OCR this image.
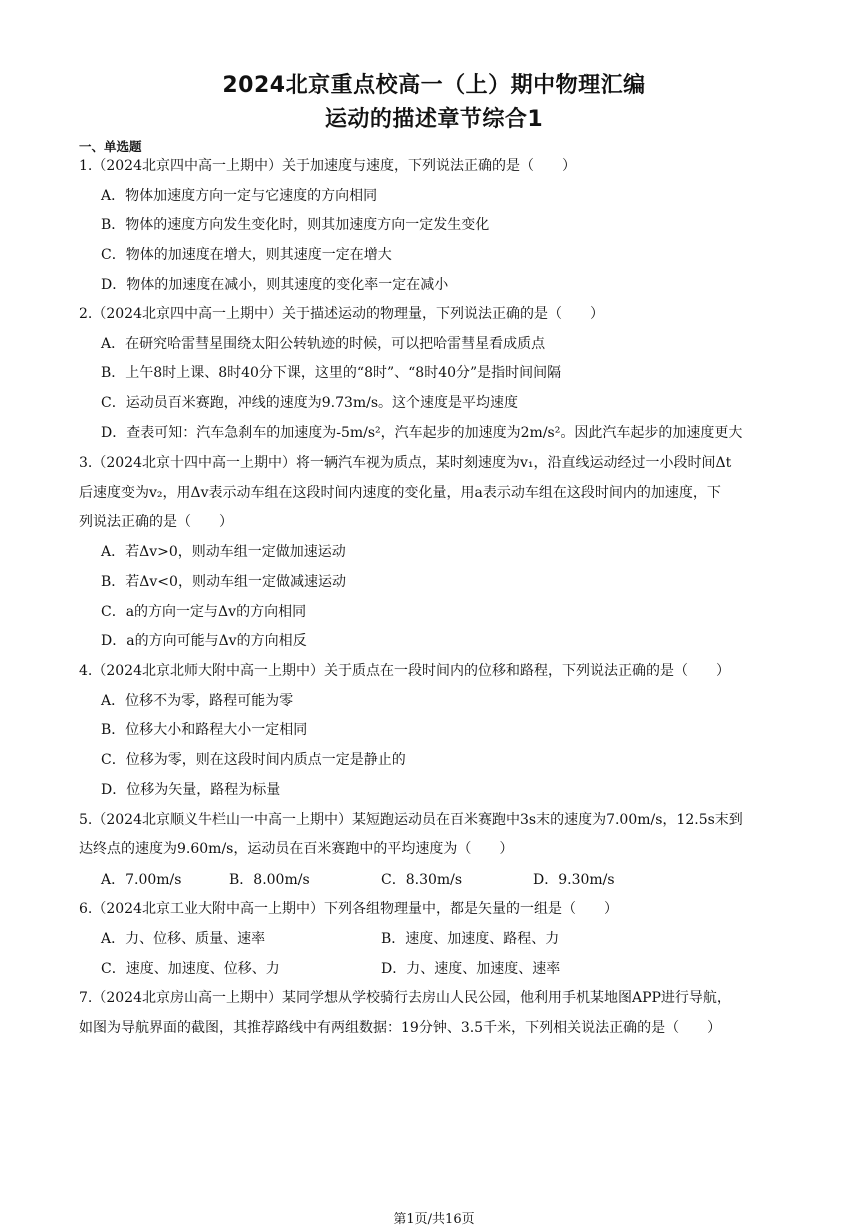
2024北京重点校高一（上）期中物理汇编
运动的描述章节综合1
一、单选题
1.（2024北京四中高一上期中）关于加速度与速度，下列说法正确的是（　　）
A．物体加速度方向一定与它速度的方向相同
B．物体的速度方向发生变化时，则其加速度方向一定发生变化
C．物体的加速度在增大，则其速度一定在增大
D．物体的加速度在减小，则其速度的变化率一定在减小
2.（2024北京四中高一上期中）关于描述运动的物理量，下列说法正确的是（　　）
A．在研究哈雷彗星围绕太阳公转轨迹的时候，可以把哈雷彗星看成质点
B．上午8时上课、8时40分下课，这里的“8时”、“8时40分”是指时间间隔
C．运动员百米赛跑，冲线的速度为9.73m/s。这个速度是平均速度
D．查表可知：汽车急刹车的加速度为-5m/s²，汽车起步的加速度为2m/s²。因此汽车起步的加速度更大
3.（2024北京十四中高一上期中）将一辆汽车视为质点，某时刻速度为v₁，沿直线运动经过一小段时间Δt
后速度变为v₂，用Δv表示动车组在这段时间内速度的变化量，用a表示动车组在这段时间内的加速度，下
列说法正确的是（　　）
A．若Δv>0，则动车组一定做加速运动
B．若Δv<0，则动车组一定做减速运动
C．a的方向一定与Δv的方向相同
D．a的方向可能与Δv的方向相反
4.（2024北京北师大附中高一上期中）关于质点在一段时间内的位移和路程，下列说法正确的是（　　）
A．位移不为零，路程可能为零
B．位移大小和路程大小一定相同
C．位移为零，则在这段时间内质点一定是静止的
D．位移为矢量，路程为标量
5.（2024北京顺义牛栏山一中高一上期中）某短跑运动员在百米赛跑中3s末的速度为7.00m/s，12.5s末到
达终点的速度为9.60m/s，运动员在百米赛跑中的平均速度为（　　）
A．7.00m/s	B．8.00m/s	C．8.30m/s	D．9.30m/s
6.（2024北京工业大附中高一上期中）下列各组物理量中，都是矢量的一组是（　　）
A．力、位移、质量、速率	B．速度、加速度、路程、力
C．速度、加速度、位移、力	D．力、速度、加速度、速率
7.（2024北京房山高一上期中）某同学想从学校骑行去房山人民公园，他利用手机某地图APP进行导航，
如图为导航界面的截图，其推荐路线中有两组数据：19分钟、3.5千米，下列相关说法正确的是（　　）
第1页/共16页
